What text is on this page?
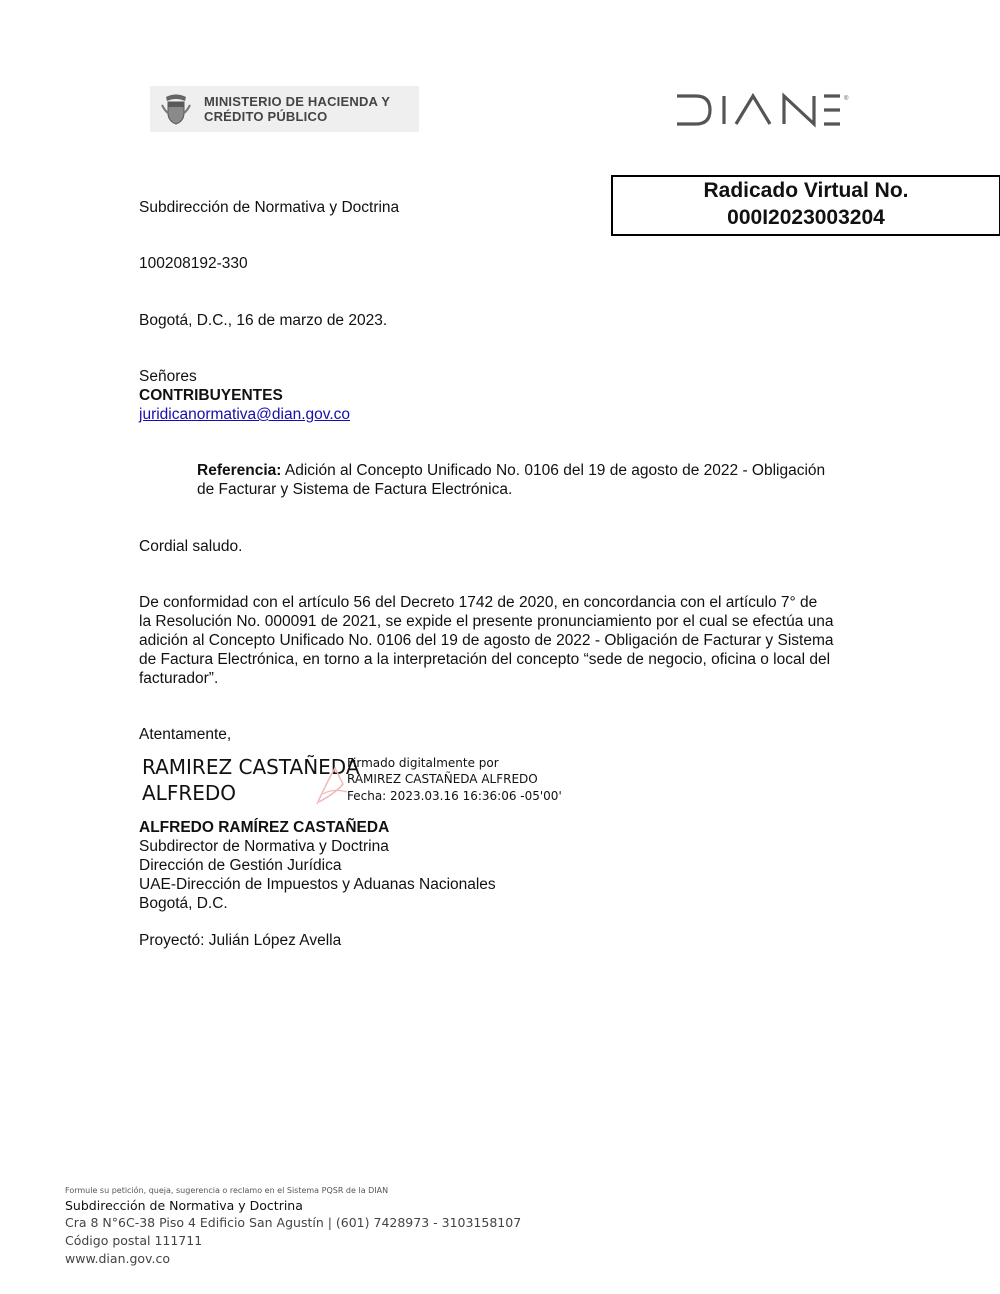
MINISTERIO DE HACIENDA Y
CRÉDITO PÚBLICO
®
Radicado Virtual No.
000I2023003204
Subdirección de Normativa y Doctrina
100208192-330
Bogotá, D.C., 16 de marzo de 2023.
Señores
CONTRIBUYENTES
juridicanormativa@dian.gov.co
Referencia: Adición al Concepto Unificado No. 0106 del 19 de agosto de 2022 - Obligación
de Facturar y Sistema de Factura Electrónica.
Cordial saludo.
De conformidad con el artículo 56 del Decreto 1742 de 2020, en concordancia con el artículo 7° de
la Resolución No. 000091 de 2021, se expide el presente pronunciamiento por el cual se efectúa una
adición al Concepto Unificado No. 0106 del 19 de agosto de 2022 - Obligación de Facturar y Sistema
de Factura Electrónica, en torno a la interpretación del concepto “sede de negocio, oficina o local del
facturador”.
Atentamente,
RAMIREZ CASTAÑEDA
ALFREDO
Firmado digitalmente por
RAMIREZ CASTAÑEDA ALFREDO
Fecha: 2023.03.16 16:36:06 -05'00'
ALFREDO RAMÍREZ CASTAÑEDA
Subdirector de Normativa y Doctrina
Dirección de Gestión Jurídica
UAE-Dirección de Impuestos y Aduanas Nacionales
Bogotá, D.C.
Proyectó: Julián López Avella
Formule su petición, queja, sugerencia o reclamo en el Sistema PQSR de la DIAN
Subdirección de Normativa y Doctrina
Cra 8 N°6C-38 Piso 4 Edificio San Agustín | (601) 7428973 - 3103158107
Código postal 111711
www.dian.gov.co
